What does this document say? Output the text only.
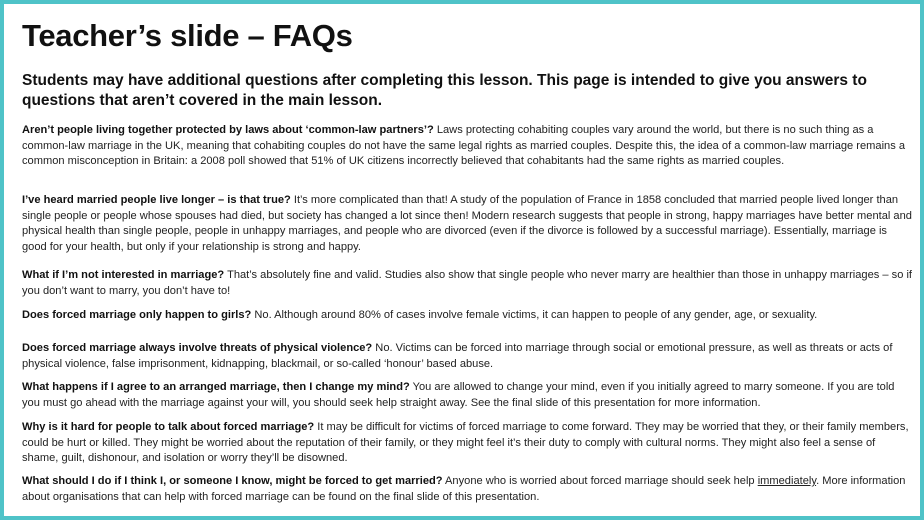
Teacher’s slide – FAQs
Students may have additional questions after completing this lesson. This page is intended to give you answers to questions that aren’t covered in the main lesson.
Aren’t people living together protected by laws about ‘common-law partners’? Laws protecting cohabiting couples vary around the world, but there is no such thing as a common-law marriage in the UK, meaning that cohabiting couples do not have the same legal rights as married couples. Despite this, the idea of a common-law marriage remains a common misconception in Britain: a 2008 poll showed that 51% of UK citizens incorrectly believed that cohabitants had the same rights as married couples.
I’ve heard married people live longer – is that true? It’s more complicated than that! A study of the population of France in 1858 concluded that married people lived longer than single people or people whose spouses had died, but society has changed a lot since then! Modern research suggests that people in strong, happy marriages have better mental and physical health than single people, people in unhappy marriages, and people who are divorced (even if the divorce is followed by a successful marriage). Essentially, marriage is good for your health, but only if your relationship is strong and happy.
What if I’m not interested in marriage? That’s absolutely fine and valid. Studies also show that single people who never marry are healthier than those in unhappy marriages – so if you don’t want to marry, you don’t have to!
Does forced marriage only happen to girls? No. Although around 80% of cases involve female victims, it can happen to people of any gender, age, or sexuality.
Does forced marriage always involve threats of physical violence? No. Victims can be forced into marriage through social or emotional pressure, as well as threats or acts of physical violence, false imprisonment, kidnapping, blackmail, or so-called ‘honour’ based abuse.
What happens if I agree to an arranged marriage, then I change my mind? You are allowed to change your mind, even if you initially agreed to marry someone. If you are told you must go ahead with the marriage against your will, you should seek help straight away. See the final slide of this presentation for more information.
Why is it hard for people to talk about forced marriage? It may be difficult for victims of forced marriage to come forward. They may be worried that they, or their family members, could be hurt or killed. They might be worried about the reputation of their family, or they might feel it’s their duty to comply with cultural norms. They might also feel a sense of shame, guilt, dishonour, and isolation or worry they’ll be disowned.
What should I do if I think I, or someone I know, might be forced to get married? Anyone who is worried about forced marriage should seek help immediately. More information about organisations that can help with forced marriage can be found on the final slide of this presentation.
